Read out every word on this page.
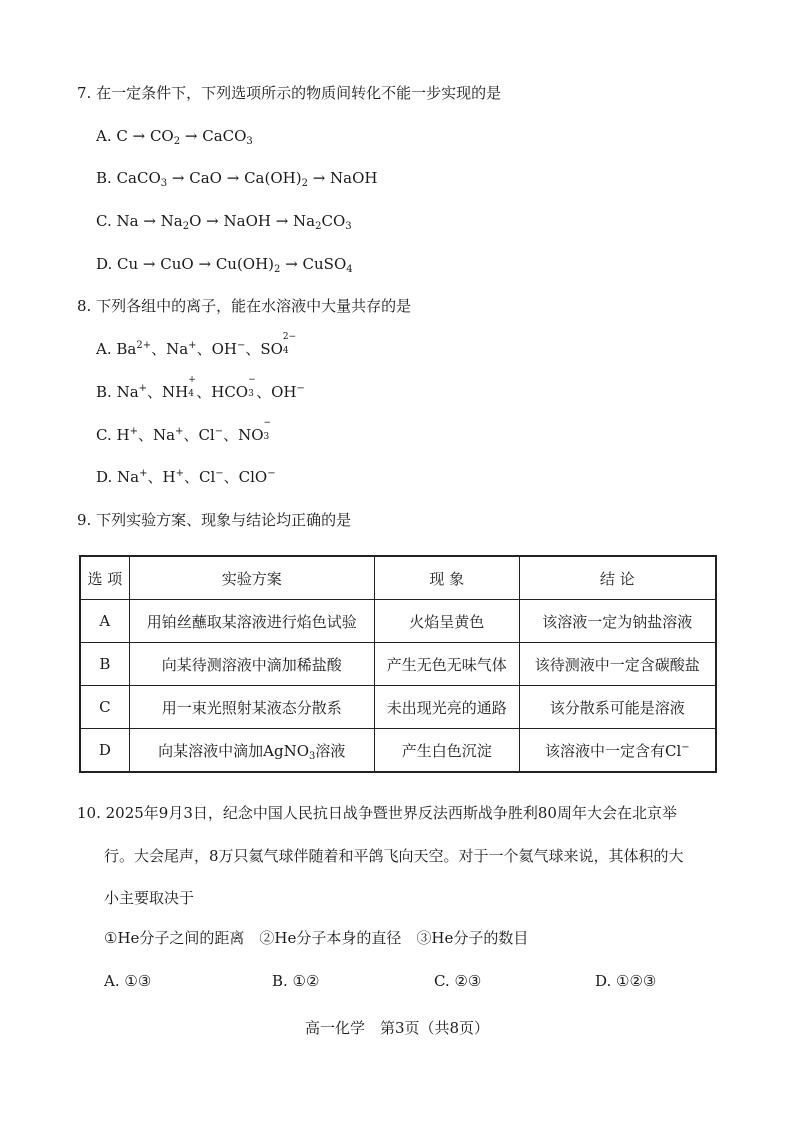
7. 在一定条件下，下列选项所示的物质间转化不能一步实现的是
A. $C \to CO_2$ → CaCO$_3$
B. CaCO$_3$ → CaO → $Ca(OH)_2$ → NaOH
C. $Na \to Na_2O$ → NaOH → $Na_2CO_3$
D. Cu → CuO → $Cu(OH)_2$ → CuSO$_4$
8. 下列各组中的离子，能在水溶液中大量共存的是
A. $Ba^{2+}$、Na+、OH−、SO
2−
4
B. Na+、NH
+
4 、HCO
−
3 、OH−
C. H+、Na+、Cl−、NO
−
3
D. Na+、H+、Cl−、ClO−
9. 下列实验方案、现象与结论均正确的是
选 项	实验方案	现 象	结 论
A	用铂丝蘸取某溶液进行焰色试验	火焰呈黄色	该溶液一定为钠盐溶液
B	向某待测溶液中滴加稀盐酸	产生无色无味气体	该待测液中一定含碳酸盐
C	用一束光照射某液态分散系	未出现光亮的通路	该分散系可能是溶液
D	向某溶液中滴加AgNO$_3$溶液	产生白色沉淀	该溶液中一定含有Cl−
10. 2025年9月3日，纪念中国人民抗日战争暨世界反法西斯战争胜利80周年大会在北京举
行。大会尾声，8万只氦气球伴随着和平鸽飞向天空。对于一个氦气球来说，其体积的大
小主要取决于
①He分子之间的距离　②He分子本身的直径　③He分子的数目
A. ①③	B. ①②	C. ②③	D. ①②③
高一化学　第3页（共8页）
